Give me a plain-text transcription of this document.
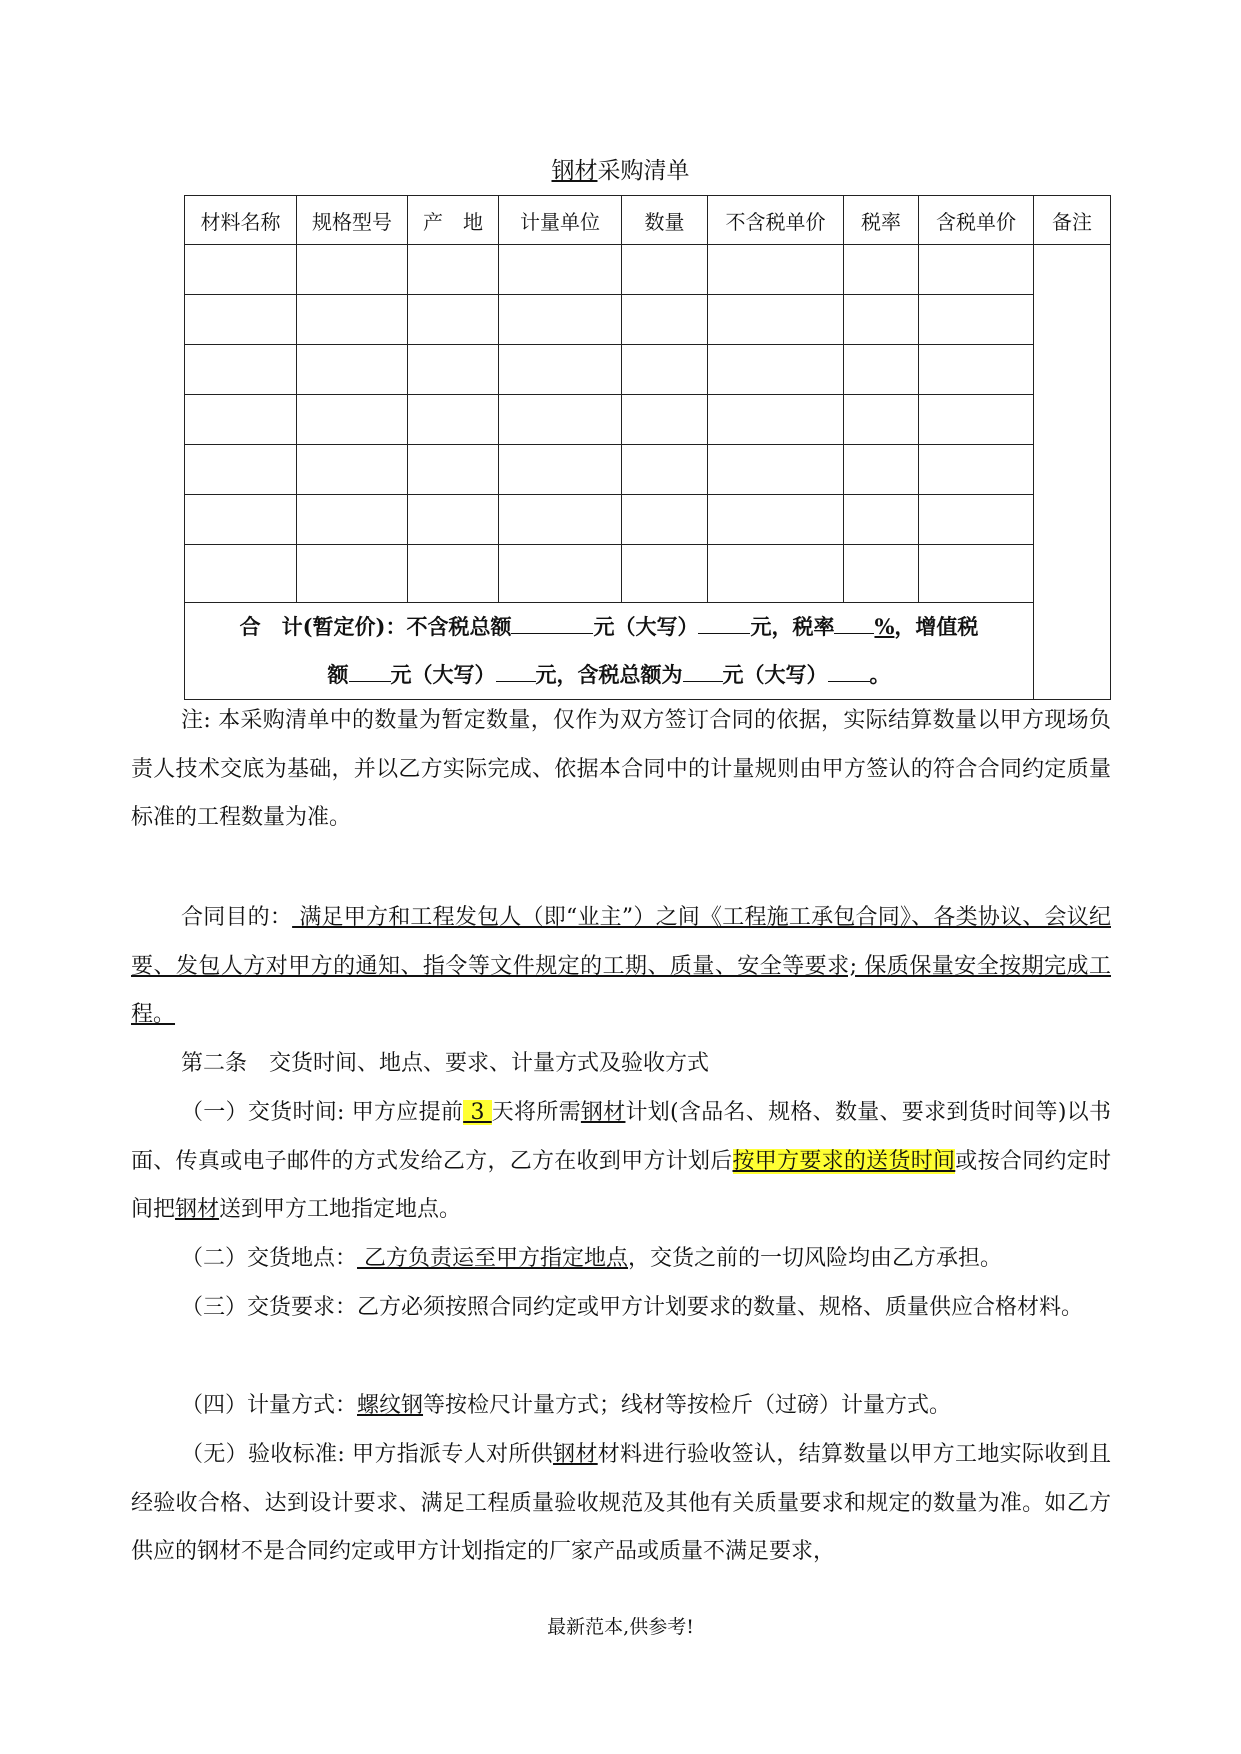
钢材采购清单
材料名称	规格型号	产　地	计量单位	数量	不含税单价	税率	含税单价	备注

合　计(暂定价)：不含税总额 元（大写） 元，税率 %，增值税
额 元（大写） 元，含税总额为 元（大写） 。								

注: 本采购清单中的数量为暂定数量，仅作为双方签订合同的依据，实际结算数量以甲方现场负责人技术交底为基础，并以乙方实际完成、依据本合同中的计量规则由甲方签认的符合合同约定质量标准的工程数量为准。

合同目的： 满足甲方和工程发包人（即“业主”）之间《工程施工承包合同》、各类协议、会议纪要、发包人方对甲方的通知、指令等文件规定的工期、质量、安全等要求; 保质保量安全按期完成工程。

第二条　交货时间、地点、要求、计量方式及验收方式

（一）交货时间: 甲方应提前 3 天将所需钢材计划(含品名、规格、数量、要求到货时间等)以书面、传真或电子邮件的方式发给乙方，乙方在收到甲方计划后按甲方要求的送货时间或按合同约定时间把钢材送到甲方工地指定地点。

（二）交货地点： 乙方负责运至甲方指定地点，交货之前的一切风险均由乙方承担。

（三）交货要求：乙方必须按照合同约定或甲方计划要求的数量、规格、质量供应合格材料。

（四）计量方式：螺纹钢等按检尺计量方式；线材等按检斤（过磅）计量方式。

（无）验收标准: 甲方指派专人对所供钢材材料进行验收签认，结算数量以甲方工地实际收到且经验收合格、达到设计要求、满足工程质量验收规范及其他有关质量要求和规定的数量为准。如乙方供应的钢材不是合同约定或甲方计划指定的厂家产品或质量不满足要求，

最新范本,供参考!
